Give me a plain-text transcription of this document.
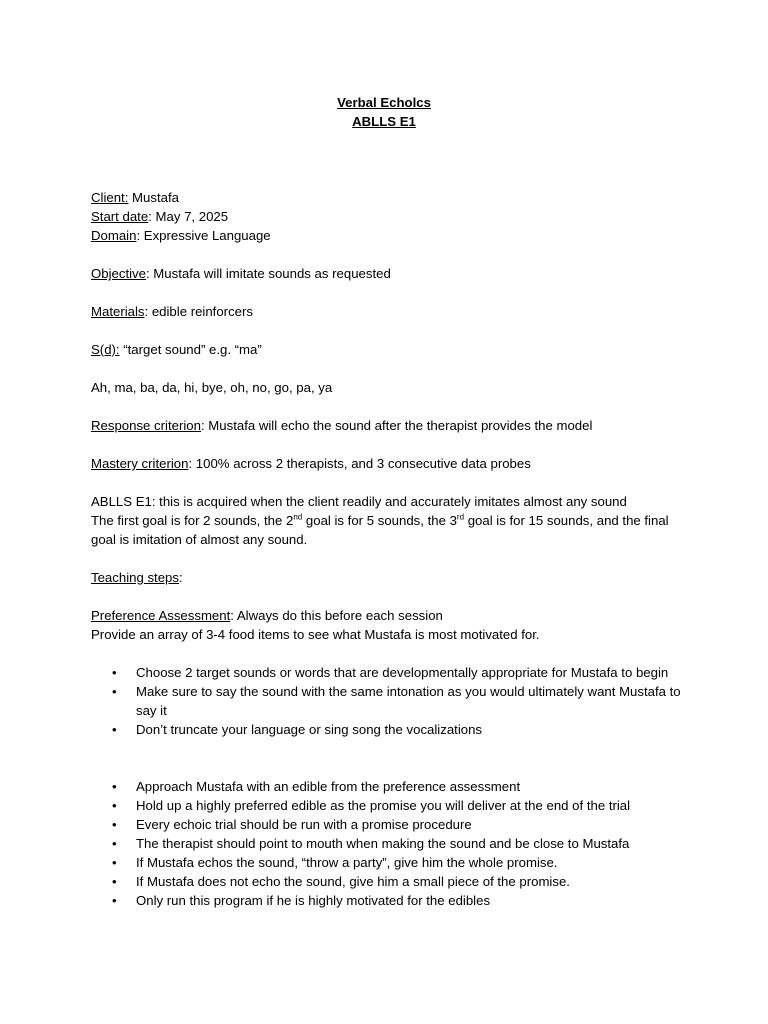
Verbal Echolcs
ABLLS E1

Client: Mustafa

Start date: May 7, 2025

Domain: Expressive Language

Objective: Mustafa will imitate sounds as requested

Materials: edible reinforcers

S(d): “target sound” e.g. “ma”

Ah, ma, ba, da, hi, bye, oh, no, go, pa, ya

Response criterion: Mustafa will echo the sound after the therapist provides the model

Mastery criterion: 100% across 2 therapists, and 3 consecutive data probes

ABLLS E1: this is acquired when the client readily and accurately imitates almost any sound

The first goal is for 2 sounds, the 2nd goal is for 5 sounds, the 3rd goal is for 15 sounds, and the final goal is imitation of almost any sound.

Teaching steps:

Preference Assessment: Always do this before each session

Provide an array of 3-4 food items to see what Mustafa is most motivated for.

• Choose 2 target sounds or words that are developmentally appropriate for Mustafa to begin
• Make sure to say the sound with the same intonation as you would ultimately want Mustafa to say it
• Don’t truncate your language or sing song the vocalizations
• Approach Mustafa with an edible from the preference assessment
• Hold up a highly preferred edible as the promise you will deliver at the end of the trial
• Every echoic trial should be run with a promise procedure
• The therapist should point to mouth when making the sound and be close to Mustafa
• If Mustafa echos the sound, “throw a party”, give him the whole promise.
• If Mustafa does not echo the sound, give him a small piece of the promise.
• Only run this program if he is highly motivated for the edibles
